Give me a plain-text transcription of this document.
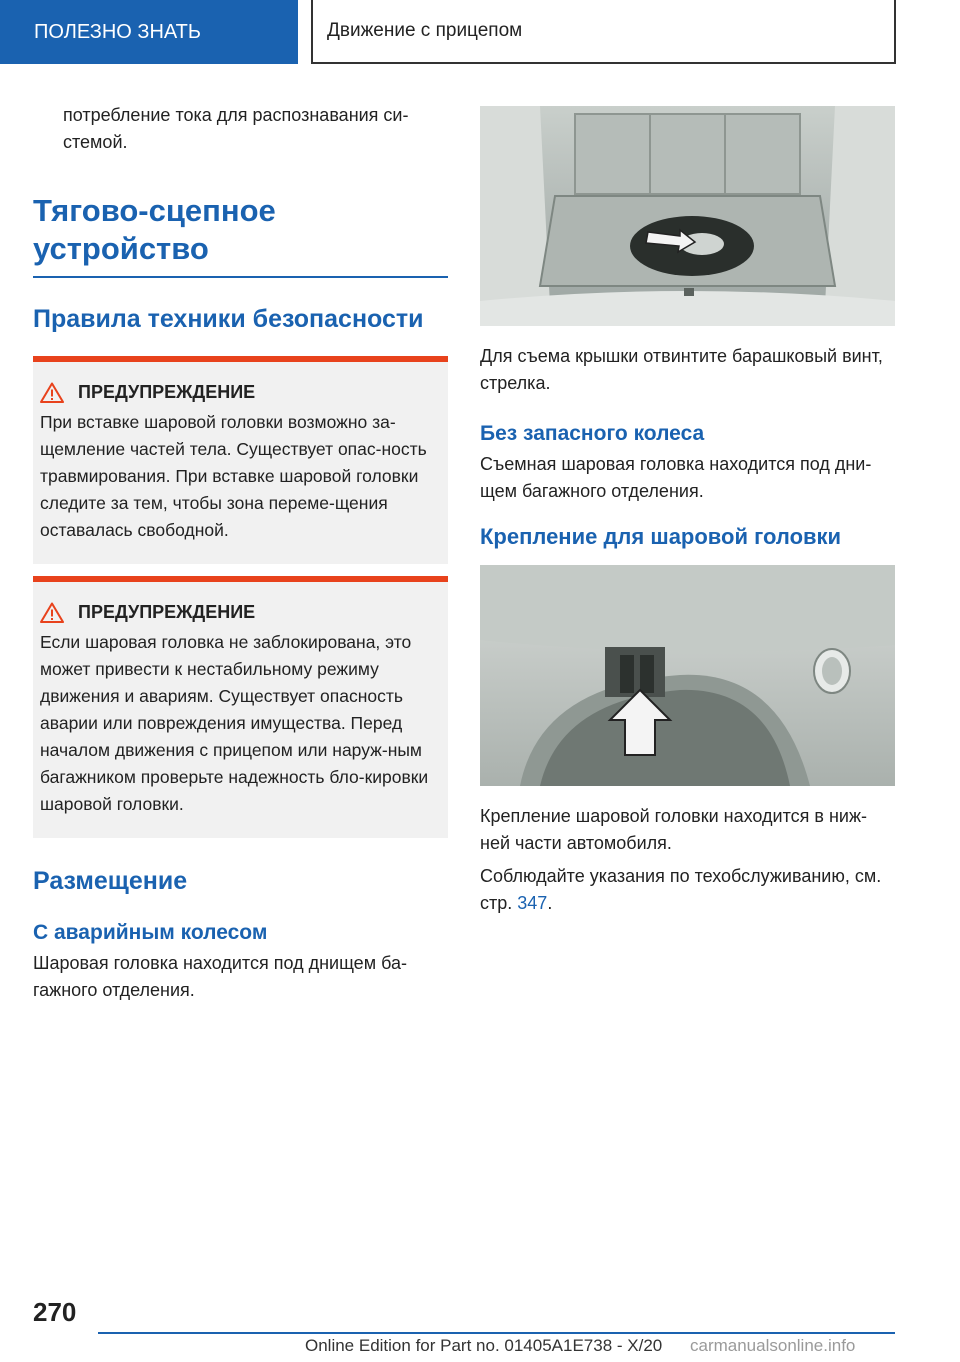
ПОЛЕЗНО ЗНАТЬ	Движение с прицепом

потребление тока для распознавания си-стемой.

Тягово-сцепное устройство
Правила техники безопасности
ПРЕДУПРЕЖДЕНИЕ

При вставке шаровой головки возможно за-щемление частей тела. Существует опас-ность травмирования. При вставке шаровой головки следите за тем, чтобы зона переме-щения оставалась свободной.

ПРЕДУПРЕЖДЕНИЕ

Если шаровая головка не заблокирована, это может привести к нестабильному режиму движения и авариям. Существует опасность аварии или повреждения имущества. Перед началом движения с прицепом или наруж-ным багажником проверьте надежность бло-кировки шаровой головки.

Размещение
С аварийным колесом

Шаровая головка находится под днищем ба-гажного отделения.

Для съема крышки отвинтите барашковый винт, стрелка.

Без запасного колеса

Съемная шаровая головка находится под дни-щем багажного отделения.

Крепление для шаровой головки

Крепление шаровой головки находится в ниж-ней части автомобиля.

Соблюдайте указания по техобслуживанию, см. стр. 347.

270
Online Edition for Part no. 01405A1E738 - X/20 carmanualsonline.info
